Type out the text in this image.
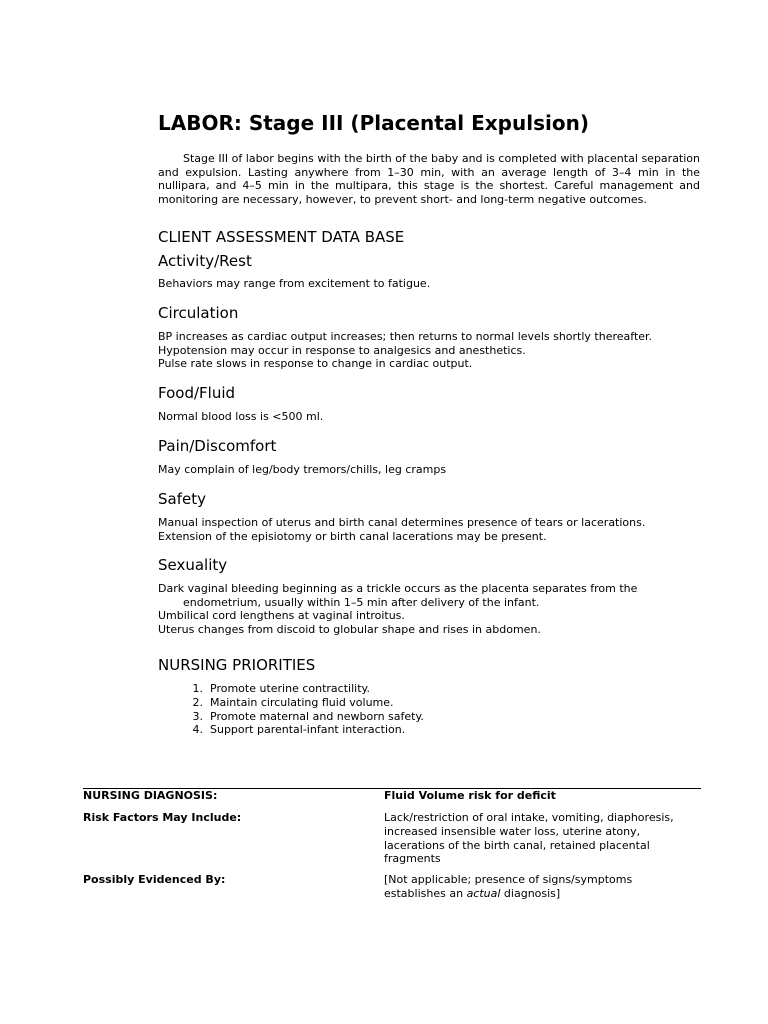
LABOR: Stage III (Placental Expulsion)

Stage III of labor begins with the birth of the baby and is completed with placental separation and expulsion. Lasting anywhere from 1–30 min, with an average length of 3–4 min in the nullipara, and 4–5 min in the multipara, this stage is the shortest. Careful management and monitoring are necessary, however, to prevent short- and long-term negative outcomes.

CLIENT ASSESSMENT DATA BASE
Activity/Rest
Behaviors may range from excitement to fatigue.
Circulation
BP increases as cardiac output increases; then returns to normal levels shortly thereafter.
Hypotension may occur in response to analgesics and anesthetics.
Pulse rate slows in response to change in cardiac output.
Food/Fluid
Normal blood loss is <500 ml.
Pain/Discomfort
May complain of leg/body tremors/chills, leg cramps
Safety
Manual inspection of uterus and birth canal determines presence of tears or lacerations.
Extension of the episiotomy or birth canal lacerations may be present.
Sexuality
Dark vaginal bleeding beginning as a trickle occurs as the placenta separates from the
endometrium, usually within 1–5 min after delivery of the infant.
Umbilical cord lengthens at vaginal introitus.
Uterus changes from discoid to globular shape and rises in abdomen.
NURSING PRIORITIES
1. Promote uterine contractility.
2. Maintain circulating fluid volume.
3. Promote maternal and newborn safety.
4. Support parental-infant interaction.
NURSING DIAGNOSIS:	Fluid Volume risk for deficit
Risk Factors May Include:	Lack/restriction of oral intake, vomiting, diaphoresis,
increased insensible water loss, uterine atony,
lacerations of the birth canal, retained placental
fragments
Possibly Evidenced By:	[Not applicable; presence of signs/symptoms
establishes an actual diagnosis]
